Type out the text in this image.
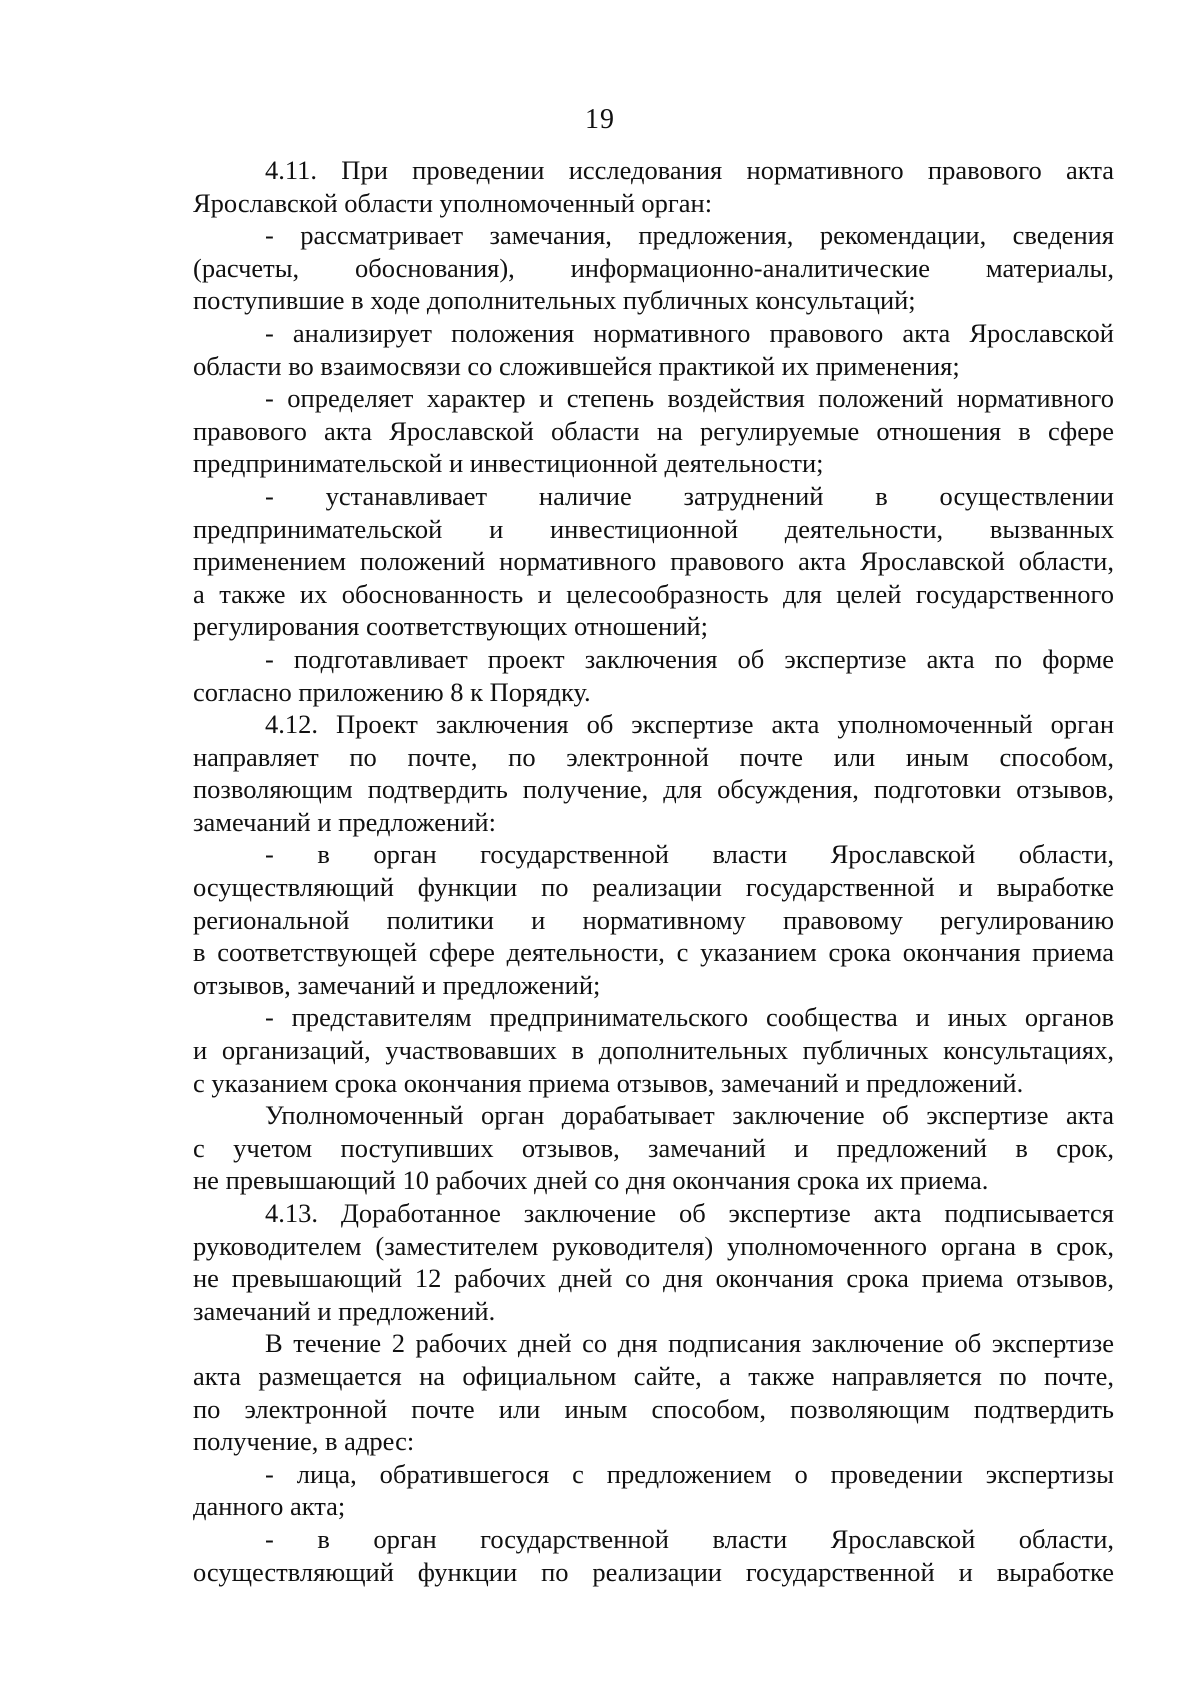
19
4.11. При проведении исследования нормативного правового акта
Ярославской области уполномоченный орган:
- рассматривает замечания, предложения, рекомендации, сведения
(расчеты, обоснования), информационно-аналитические материалы,
поступившие в ходе дополнительных публичных консультаций;
- анализирует положения нормативного правового акта Ярославской
области во взаимосвязи со сложившейся практикой их применения;
- определяет характер и степень воздействия положений нормативного
правового акта Ярославской области на регулируемые отношения в сфере
предпринимательской и инвестиционной деятельности;
- устанавливает наличие затруднений в осуществлении
предпринимательской и инвестиционной деятельности, вызванных
применением положений нормативного правового акта Ярославской области,
а также их обоснованность и целесообразность для целей государственного
регулирования соответствующих отношений;
- подготавливает проект заключения об экспертизе акта по форме
согласно приложению 8 к Порядку.
4.12. Проект заключения об экспертизе акта уполномоченный орган
направляет по почте, по электронной почте или иным способом,
позволяющим подтвердить получение, для обсуждения, подготовки отзывов,
замечаний и предложений:
- в орган государственной власти Ярославской области,
осуществляющий функции по реализации государственной и выработке
региональной политики и нормативному правовому регулированию
в соответствующей сфере деятельности, с указанием срока окончания приема
отзывов, замечаний и предложений;
- представителям предпринимательского сообщества и иных органов
и организаций, участвовавших в дополнительных публичных консультациях,
с указанием срока окончания приема отзывов, замечаний и предложений.
Уполномоченный орган дорабатывает заключение об экспертизе акта
с учетом поступивших отзывов, замечаний и предложений в срок,
не превышающий 10 рабочих дней со дня окончания срока их приема.
4.13. Доработанное заключение об экспертизе акта подписывается
руководителем (заместителем руководителя) уполномоченного органа в срок,
не превышающий 12 рабочих дней со дня окончания срока приема отзывов,
замечаний и предложений.
В течение 2 рабочих дней со дня подписания заключение об экспертизе
акта размещается на официальном сайте, а также направляется по почте,
по электронной почте или иным способом, позволяющим подтвердить
получение, в адрес:
- лица, обратившегося с предложением о проведении экспертизы
данного акта;
- в орган государственной власти Ярославской области,
осуществляющий функции по реализации государственной и выработке
